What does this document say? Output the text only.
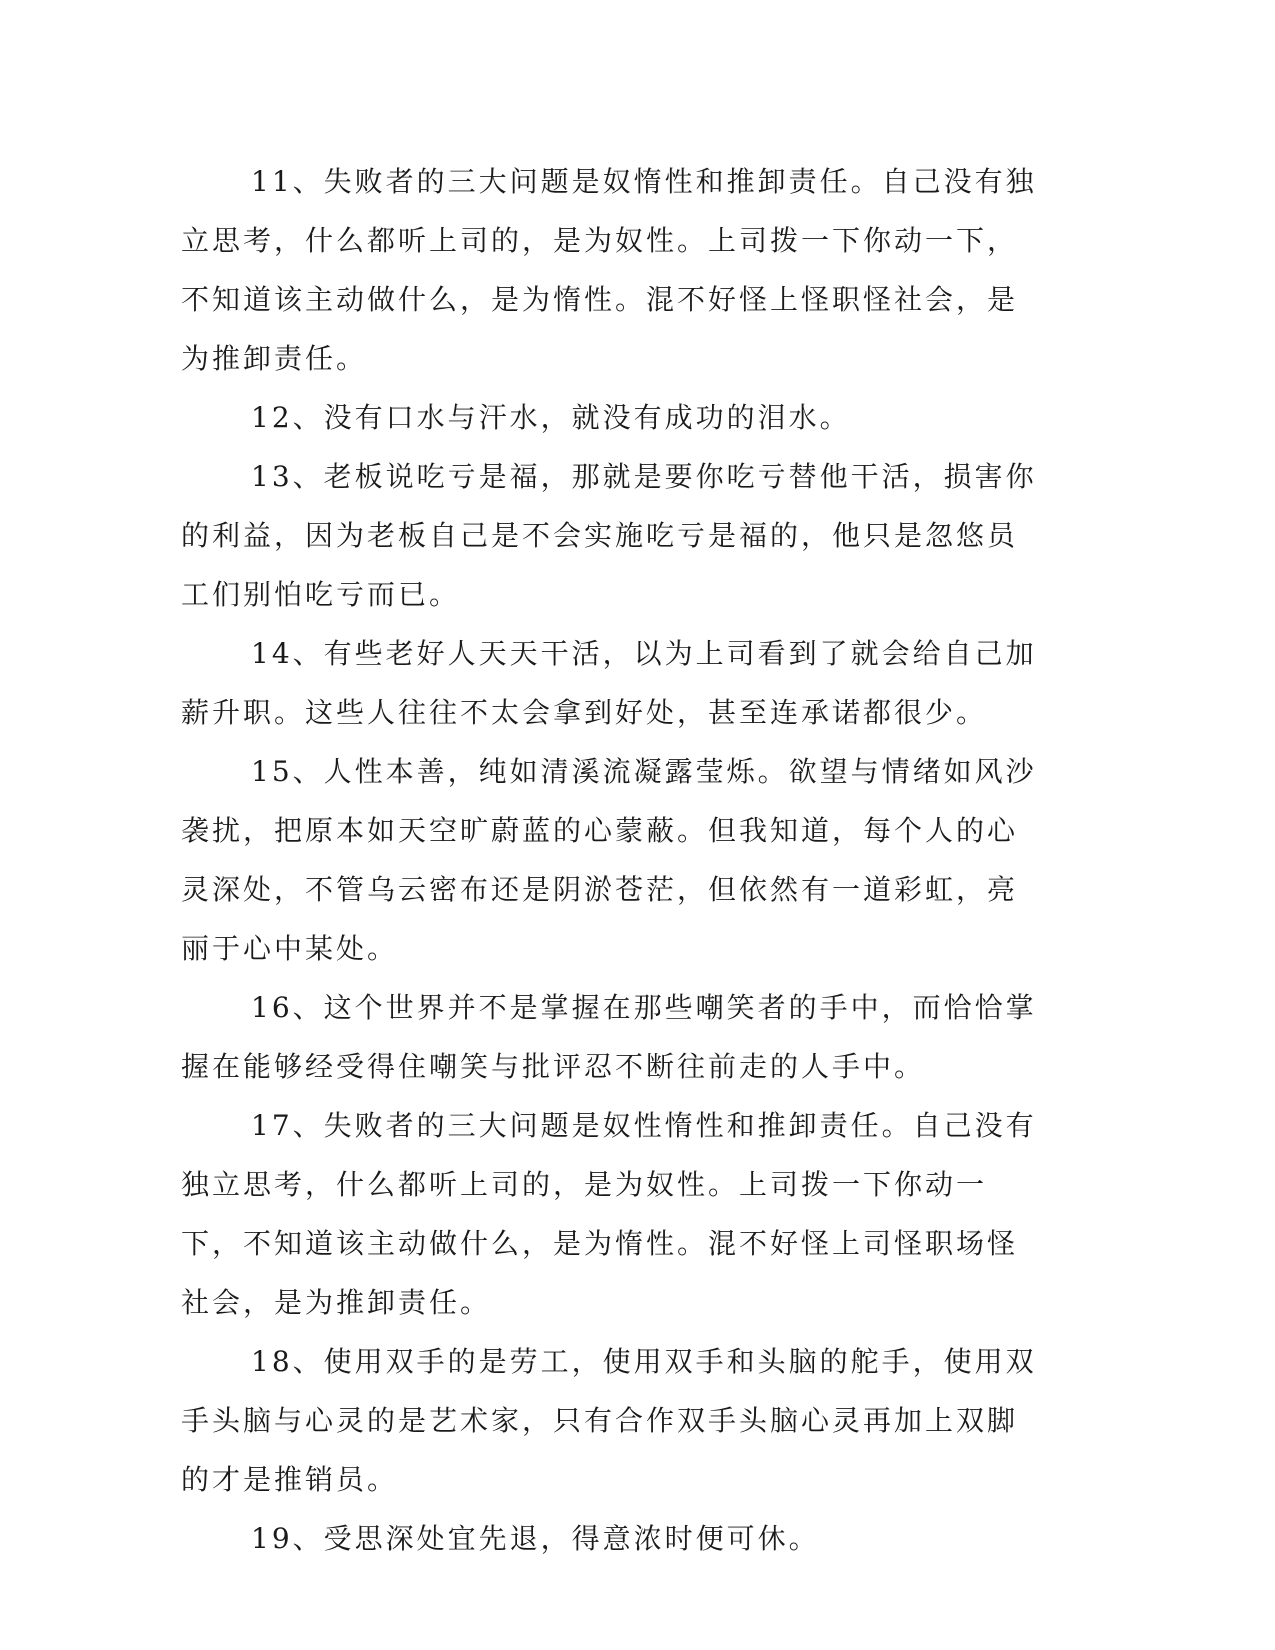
11、失败者的三大问题是奴惰性和推卸责任。自己没有独立思考，什么都听上司的，是为奴性。上司拨一下你动一下，不知道该主动做什么，是为惰性。混不好怪上怪职怪社会，是为推卸责任。

12、没有口水与汗水，就没有成功的泪水。

13、老板说吃亏是福，那就是要你吃亏替他干活，损害你的利益，因为老板自己是不会实施吃亏是福的，他只是忽悠员工们别怕吃亏而已。

14、有些老好人天天干活，以为上司看到了就会给自己加薪升职。这些人往往不太会拿到好处，甚至连承诺都很少。

15、人性本善，纯如清溪流凝露莹烁。欲望与情绪如风沙袭扰，把原本如天空旷蔚蓝的心蒙蔽。但我知道，每个人的心灵深处，不管乌云密布还是阴淤苍茫，但依然有一道彩虹，亮丽于心中某处。

16、这个世界并不是掌握在那些嘲笑者的手中，而恰恰掌握在能够经受得住嘲笑与批评忍不断往前走的人手中。

17、失败者的三大问题是奴性惰性和推卸责任。自己没有独立思考，什么都听上司的，是为奴性。上司拨一下你动一下，不知道该主动做什么，是为惰性。混不好怪上司怪职场怪社会，是为推卸责任。

18、使用双手的是劳工，使用双手和头脑的舵手，使用双手头脑与心灵的是艺术家，只有合作双手头脑心灵再加上双脚的才是推销员。

19、受思深处宜先退，得意浓时便可休。
